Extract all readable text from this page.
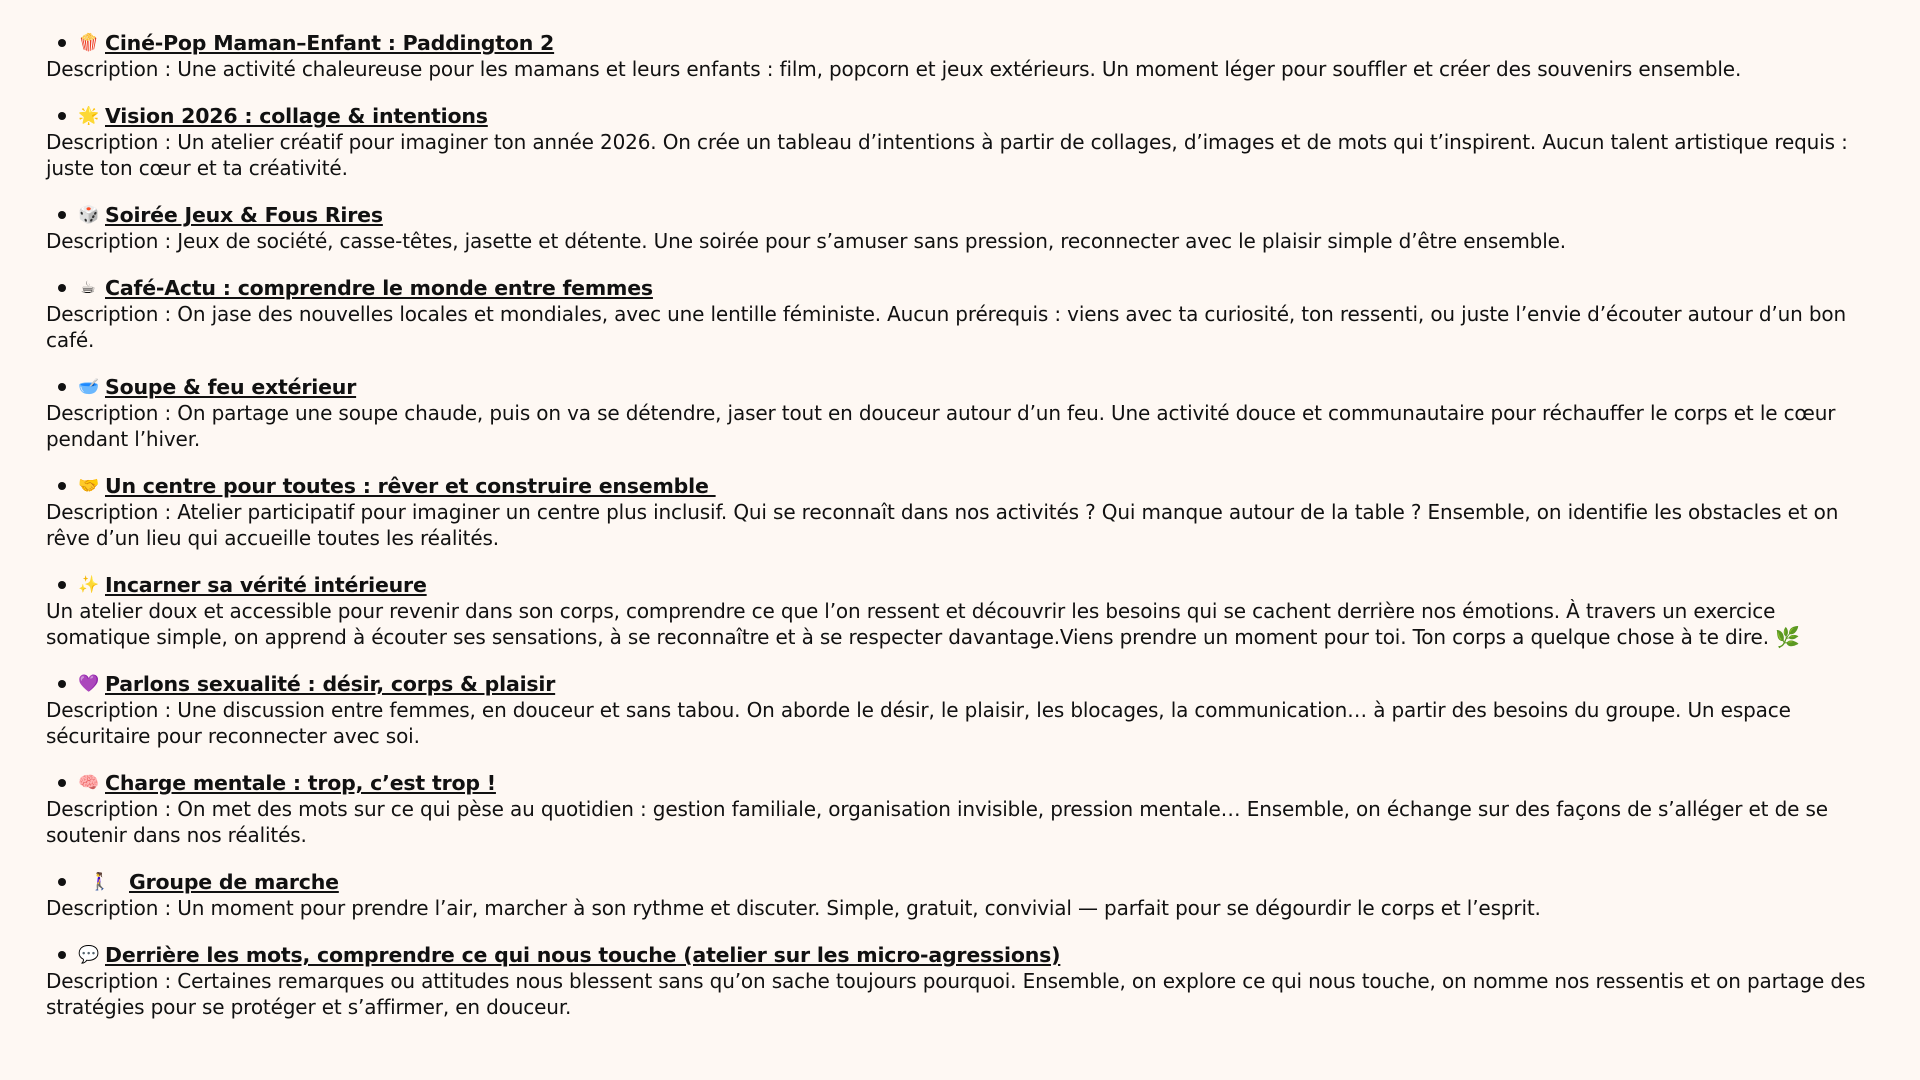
🍿 Ciné-Pop Maman–Enfant : Paddington 2

Description : Une activité chaleureuse pour les mamans et leurs enfants : film, popcorn et jeux extérieurs. Un moment léger pour souffler et créer des souvenirs ensemble.

🌟 Vision 2026 : collage & intentions

Description : Un atelier créatif pour imaginer ton année 2026. On crée un tableau d’intentions à partir de collages, d’images et de mots qui t’inspirent. Aucun talent artistique requis : juste ton cœur et ta créativité.

🎲 Soirée Jeux & Fous Rires

Description : Jeux de société, casse-têtes, jasette et détente. Une soirée pour s’amuser sans pression, reconnecter avec le plaisir simple d’être ensemble.

☕ Café-Actu : comprendre le monde entre femmes

Description : On jase des nouvelles locales et mondiales, avec une lentille féministe. Aucun prérequis : viens avec ta curiosité, ton ressenti, ou juste l’envie d’écouter autour d’un bon café.

🥣 Soupe & feu extérieur

Description : On partage une soupe chaude, puis on va se détendre, jaser tout en douceur autour d’un feu. Une activité douce et communautaire pour réchauffer le corps et le cœur pendant l’hiver.

🤝 Un centre pour toutes : rêver et construire ensemble

Description : Atelier participatif pour imaginer un centre plus inclusif. Qui se reconnaît dans nos activités ? Qui manque autour de la table ? Ensemble, on identifie les obstacles et on rêve d’un lieu qui accueille toutes les réalités.

✨ Incarner sa vérité intérieure

Un atelier doux et accessible pour revenir dans son corps, comprendre ce que l’on ressent et découvrir les besoins qui se cachent derrière nos émotions. À travers un exercice somatique simple, on apprend à écouter ses sensations, à se reconnaître et à se respecter davantage.Viens prendre un moment pour toi. Ton corps a quelque chose à te dire. 🌿

💜 Parlons sexualité : désir, corps & plaisir

Description : Une discussion entre femmes, en douceur et sans tabou. On aborde le désir, le plaisir, les blocages, la communication… à partir des besoins du groupe. Un espace sécuritaire pour reconnecter avec soi.

🧠 Charge mentale : trop, c’est trop !

Description : On met des mots sur ce qui pèse au quotidien : gestion familiale, organisation invisible, pression mentale… Ensemble, on échange sur des façons de s’alléger et de se soutenir dans nos réalités.

🚶‍♀️ Groupe de marche

Description : Un moment pour prendre l’air, marcher à son rythme et discuter. Simple, gratuit, convivial — parfait pour se dégourdir le corps et l’esprit.

💬 Derrière les mots, comprendre ce qui nous touche (atelier sur les micro-agressions)

Description : Certaines remarques ou attitudes nous blessent sans qu’on sache toujours pourquoi. Ensemble, on explore ce qui nous touche, on nomme nos ressentis et on partage des stratégies pour se protéger et s’affirmer, en douceur.
